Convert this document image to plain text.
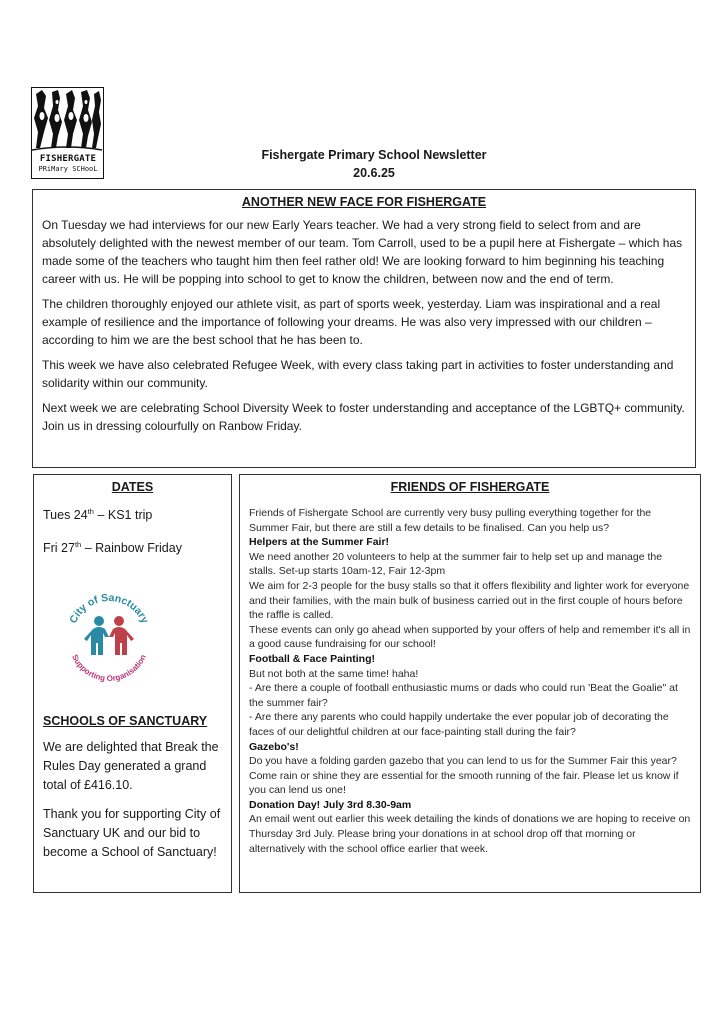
FISHERGATE
PRiMary SCHooL
Fishergate Primary School Newsletter
20.6.25
ANOTHER NEW FACE FOR FISHERGATE

On Tuesday we had interviews for our new Early Years teacher. We had a very strong field to select from and are absolutely delighted with the newest member of our team. Tom Carroll, used to be a pupil here at Fishergate – which has made some of the teachers who taught him then feel rather old! We are looking forward to him beginning his teaching career with us. He will be popping into school to get to know the children, between now and the end of term.

The children thoroughly enjoyed our athlete visit, as part of sports week, yesterday. Liam was inspirational and a real example of resilience and the importance of following your dreams. He was also very impressed with our children – according to him we are the best school that he has been to.

This week we have also celebrated Refugee Week, with every class taking part in activities to foster understanding and solidarity within our community.

Next week we are celebrating School Diversity Week to foster understanding and acceptance of the LGBTQ+ community. Join us in dressing colourfully on Ranbow Friday.

DATES
Tues 24th – KS1 trip
Fri 27th – Rainbow Friday
City of Sanctuary
Supporting Organisation
SCHOOLS OF SANCTUARY

We are delighted that Break the Rules Day generated a grand total of £416.10.

Thank you for supporting City of Sanctuary UK and our bid to become a School of Sanctuary!

FRIENDS OF FISHERGATE
Friends of Fishergate School are currently very busy pulling everything together for the Summer Fair, but there are still a few details to be finalised. Can you help us?
Helpers at the Summer Fair!
We need another 20 volunteers to help at the summer fair to help set up and manage the stalls. Set-up starts 10am-12, Fair 12-3pm
We aim for 2-3 people for the busy stalls so that it offers flexibility and lighter work for everyone and their families, with the main bulk of business carried out in the first couple of hours before the raffle is called.
These events can only go ahead when supported by your offers of help and remember it's all in a good cause fundraising for our school!
Football & Face Painting!
But not both at the same time! haha!
- Are there a couple of football enthusiastic mums or dads who could run 'Beat the Goalie" at the summer fair?
- Are there any parents who could happily undertake the ever popular job of decorating the faces of our delightful children at our face-painting stall during the fair?
Gazebo's!
Do you have a folding garden gazebo that you can lend to us for the Summer Fair this year? Come rain or shine they are essential for the smooth running of the fair. Please let us know if you can lend us one!
Donation Day! July 3rd 8.30-9am
An email went out earlier this week detailing the kinds of donations we are hoping to receive on Thursday 3rd July. Please bring your donations in at school drop off that morning or alternatively with the school office earlier that week.
